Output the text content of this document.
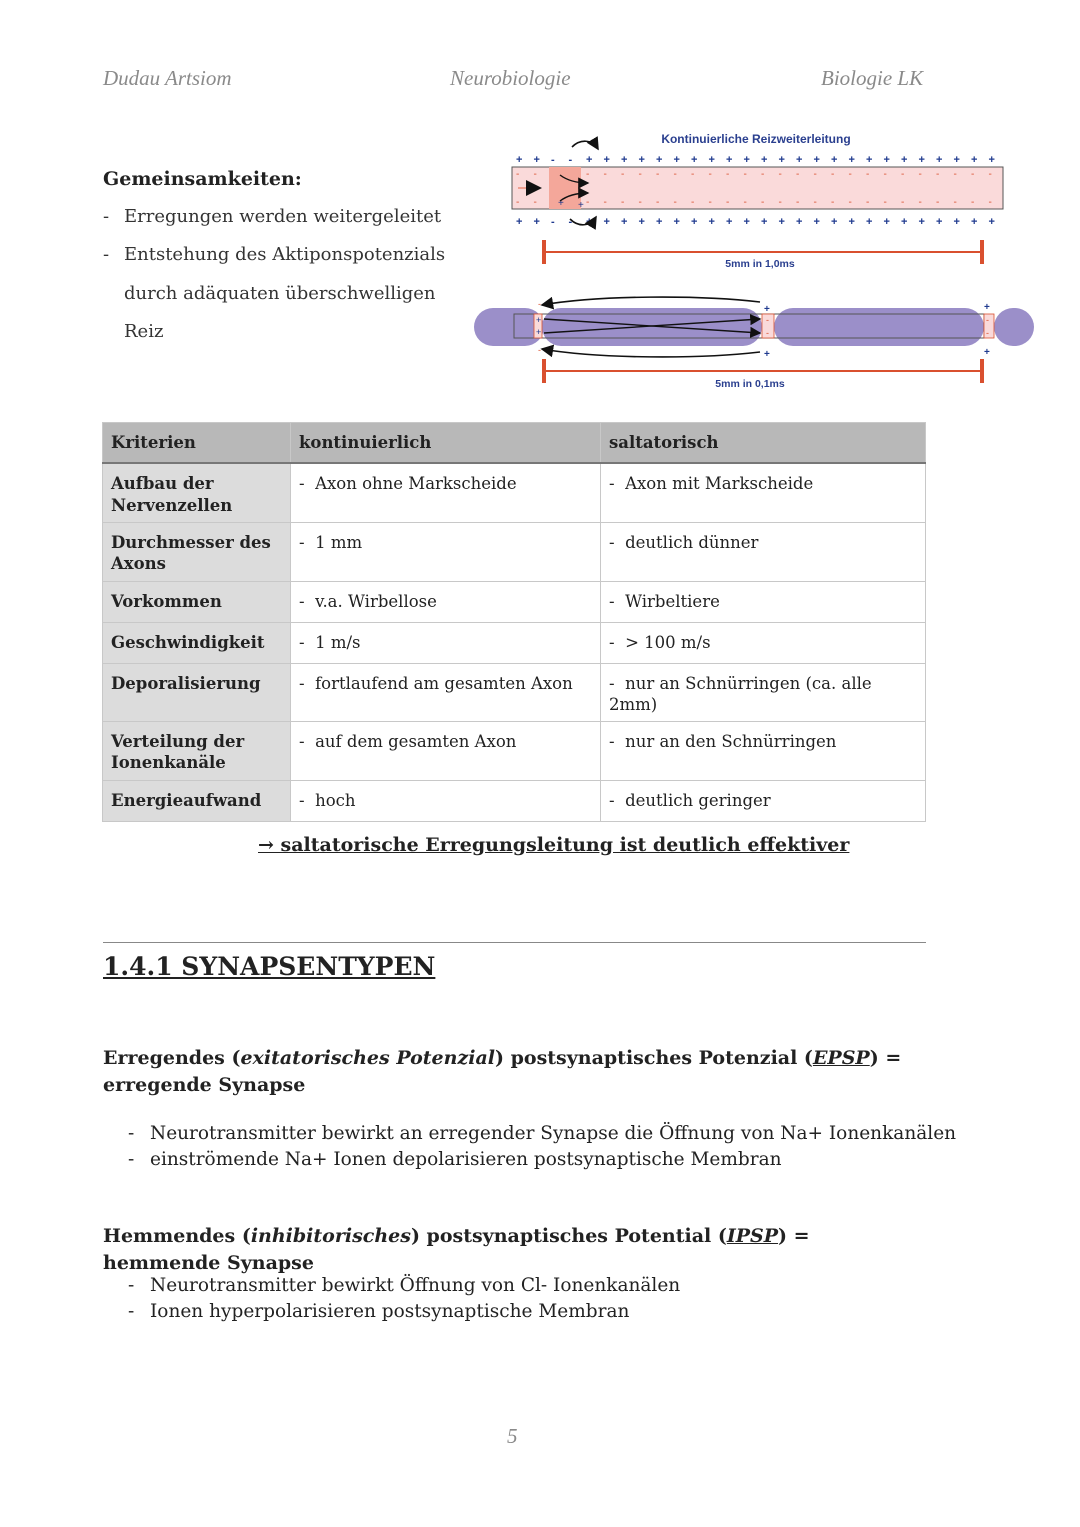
Dudau Artsiom	Neurobiologie	Biologie LK
Gemeinsamkeiten:
- Erregungen werden weitergeleitet
- Entstehung des Aktiponspotenzials
durch adäquaten überschwelligen
Reiz
Kontinuierliche Reizweiterleitung
+ + - - + + + + + + + + + + + + + + + + + + + + + + + +
+ + - - + + + + + + + + + + + + + + + + + + + + + + + +
-
-
-
-
-
-
-
-
-
-
-
-
-
-
-
-
-
-
-
-
-
-
-
-
-
-
-
-
-
-
-
-
-
-
-
-
-
-
-
-
-
-
-
-
-
-
-
-
-
-
-
-
+
+
5mm in 1,0ms
+
+
-
-
+
+
-
-
+
+
-
-
5mm in 0,1ms
Kriterien	kontinuierlich	saltatorisch
Aufbau der
Nervenzellen	- Axon ohne Markscheide	- Axon mit Markscheide
Durchmesser des
Axons	- 1 mm	- deutlich dünner
Vorkommen	- v.a. Wirbellose	- Wirbeltiere
Geschwindigkeit	- 1 m/s	- > 100 m/s
Deporalisierung	- fortlaufend am gesamten Axon	- nur an Schnürringen (ca. alle 2mm)
Verteilung der
Ionenkanäle	- auf dem gesamten Axon	- nur an den Schnürringen
Energieaufwand	- hoch	- deutlich geringer
→ saltatorische Erregungsleitung ist deutlich effektiver
1.4.1 SYNAPSENTYPEN
Erregendes (exitatorisches Potenzial) postsynaptisches Potenzial (EPSP) = erregende Synapse
- Neurotransmitter bewirkt an erregender Synapse die Öffnung von Na+ Ionenkanälen
- einströmende Na+ Ionen depolarisieren postsynaptische Membran
Hemmendes (inhibitorisches) postsynaptisches Potential (IPSP) = hemmende Synapse
- Neurotransmitter bewirkt Öffnung von Cl- Ionenkanälen
- Ionen hyperpolarisieren postsynaptische Membran
5
